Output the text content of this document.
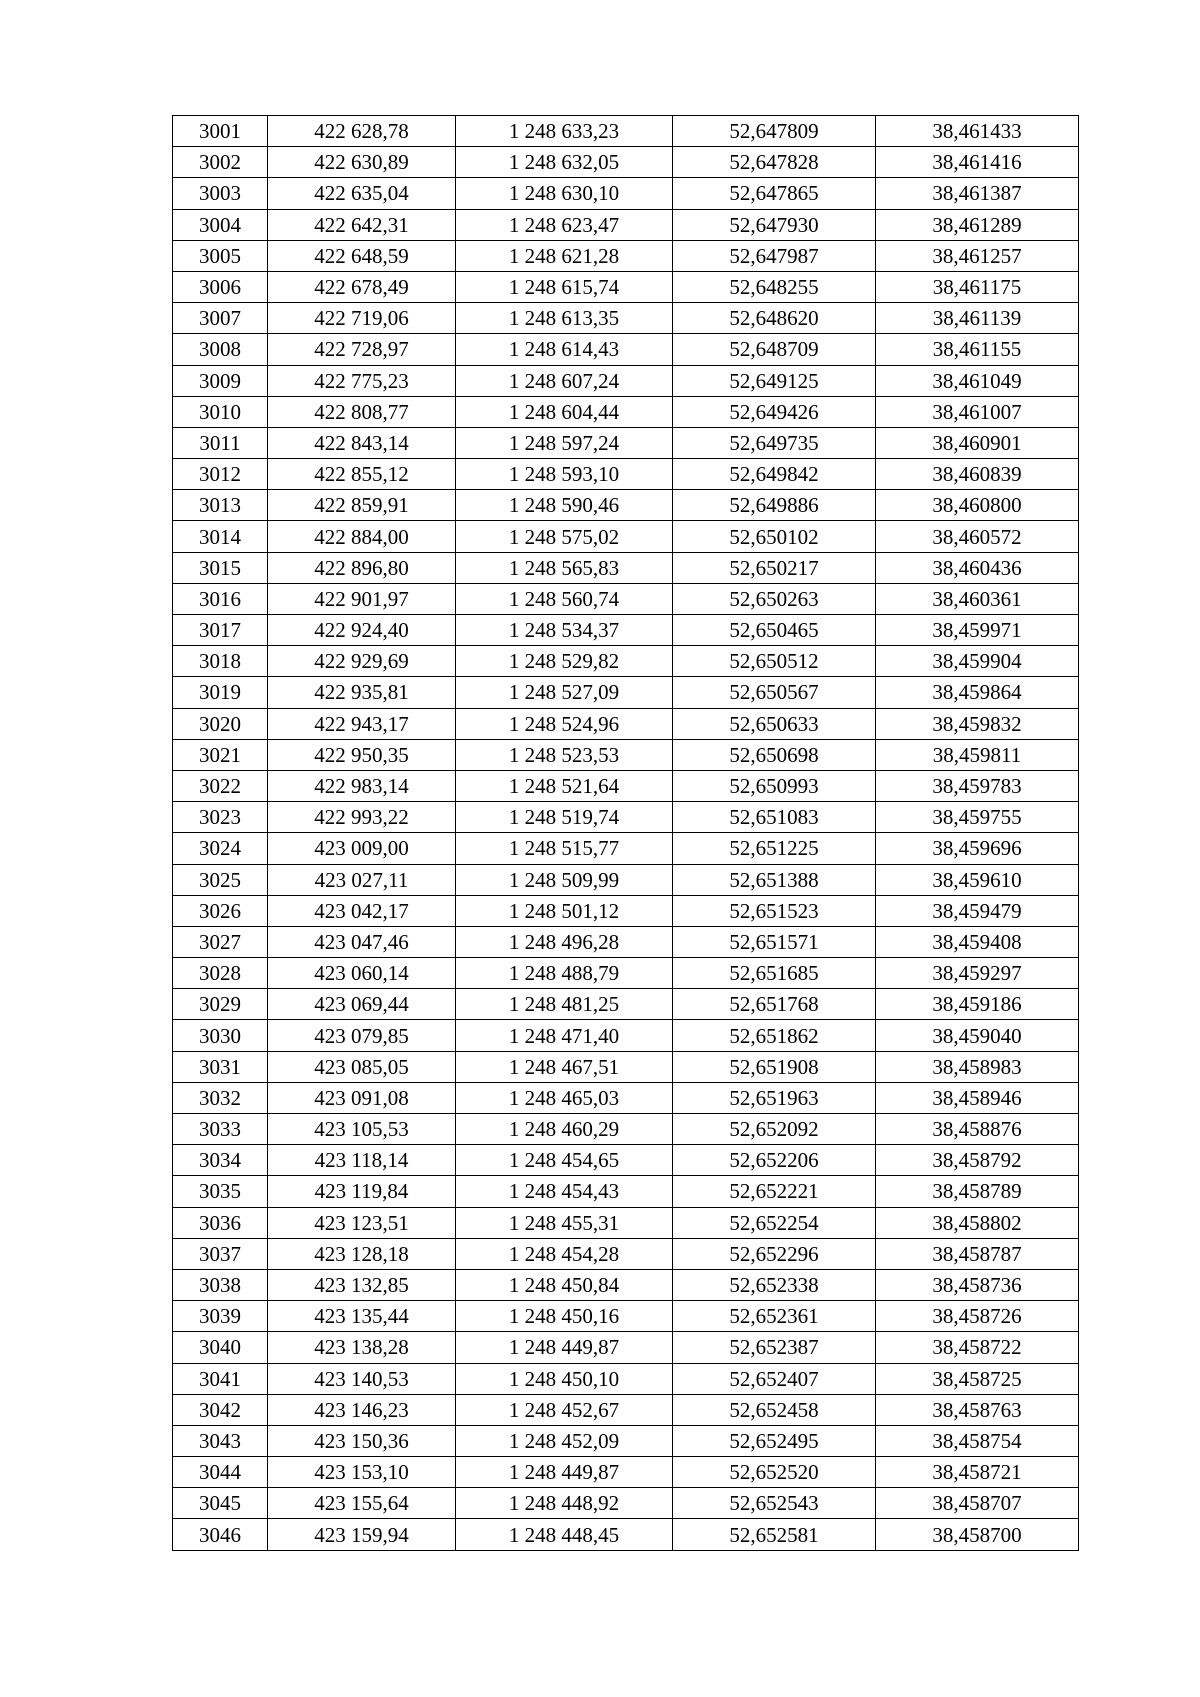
3001	422 628,78	1 248 633,23	52,647809	38,461433
3002	422 630,89	1 248 632,05	52,647828	38,461416
3003	422 635,04	1 248 630,10	52,647865	38,461387
3004	422 642,31	1 248 623,47	52,647930	38,461289
3005	422 648,59	1 248 621,28	52,647987	38,461257
3006	422 678,49	1 248 615,74	52,648255	38,461175
3007	422 719,06	1 248 613,35	52,648620	38,461139
3008	422 728,97	1 248 614,43	52,648709	38,461155
3009	422 775,23	1 248 607,24	52,649125	38,461049
3010	422 808,77	1 248 604,44	52,649426	38,461007
3011	422 843,14	1 248 597,24	52,649735	38,460901
3012	422 855,12	1 248 593,10	52,649842	38,460839
3013	422 859,91	1 248 590,46	52,649886	38,460800
3014	422 884,00	1 248 575,02	52,650102	38,460572
3015	422 896,80	1 248 565,83	52,650217	38,460436
3016	422 901,97	1 248 560,74	52,650263	38,460361
3017	422 924,40	1 248 534,37	52,650465	38,459971
3018	422 929,69	1 248 529,82	52,650512	38,459904
3019	422 935,81	1 248 527,09	52,650567	38,459864
3020	422 943,17	1 248 524,96	52,650633	38,459832
3021	422 950,35	1 248 523,53	52,650698	38,459811
3022	422 983,14	1 248 521,64	52,650993	38,459783
3023	422 993,22	1 248 519,74	52,651083	38,459755
3024	423 009,00	1 248 515,77	52,651225	38,459696
3025	423 027,11	1 248 509,99	52,651388	38,459610
3026	423 042,17	1 248 501,12	52,651523	38,459479
3027	423 047,46	1 248 496,28	52,651571	38,459408
3028	423 060,14	1 248 488,79	52,651685	38,459297
3029	423 069,44	1 248 481,25	52,651768	38,459186
3030	423 079,85	1 248 471,40	52,651862	38,459040
3031	423 085,05	1 248 467,51	52,651908	38,458983
3032	423 091,08	1 248 465,03	52,651963	38,458946
3033	423 105,53	1 248 460,29	52,652092	38,458876
3034	423 118,14	1 248 454,65	52,652206	38,458792
3035	423 119,84	1 248 454,43	52,652221	38,458789
3036	423 123,51	1 248 455,31	52,652254	38,458802
3037	423 128,18	1 248 454,28	52,652296	38,458787
3038	423 132,85	1 248 450,84	52,652338	38,458736
3039	423 135,44	1 248 450,16	52,652361	38,458726
3040	423 138,28	1 248 449,87	52,652387	38,458722
3041	423 140,53	1 248 450,10	52,652407	38,458725
3042	423 146,23	1 248 452,67	52,652458	38,458763
3043	423 150,36	1 248 452,09	52,652495	38,458754
3044	423 153,10	1 248 449,87	52,652520	38,458721
3045	423 155,64	1 248 448,92	52,652543	38,458707
3046	423 159,94	1 248 448,45	52,652581	38,458700
